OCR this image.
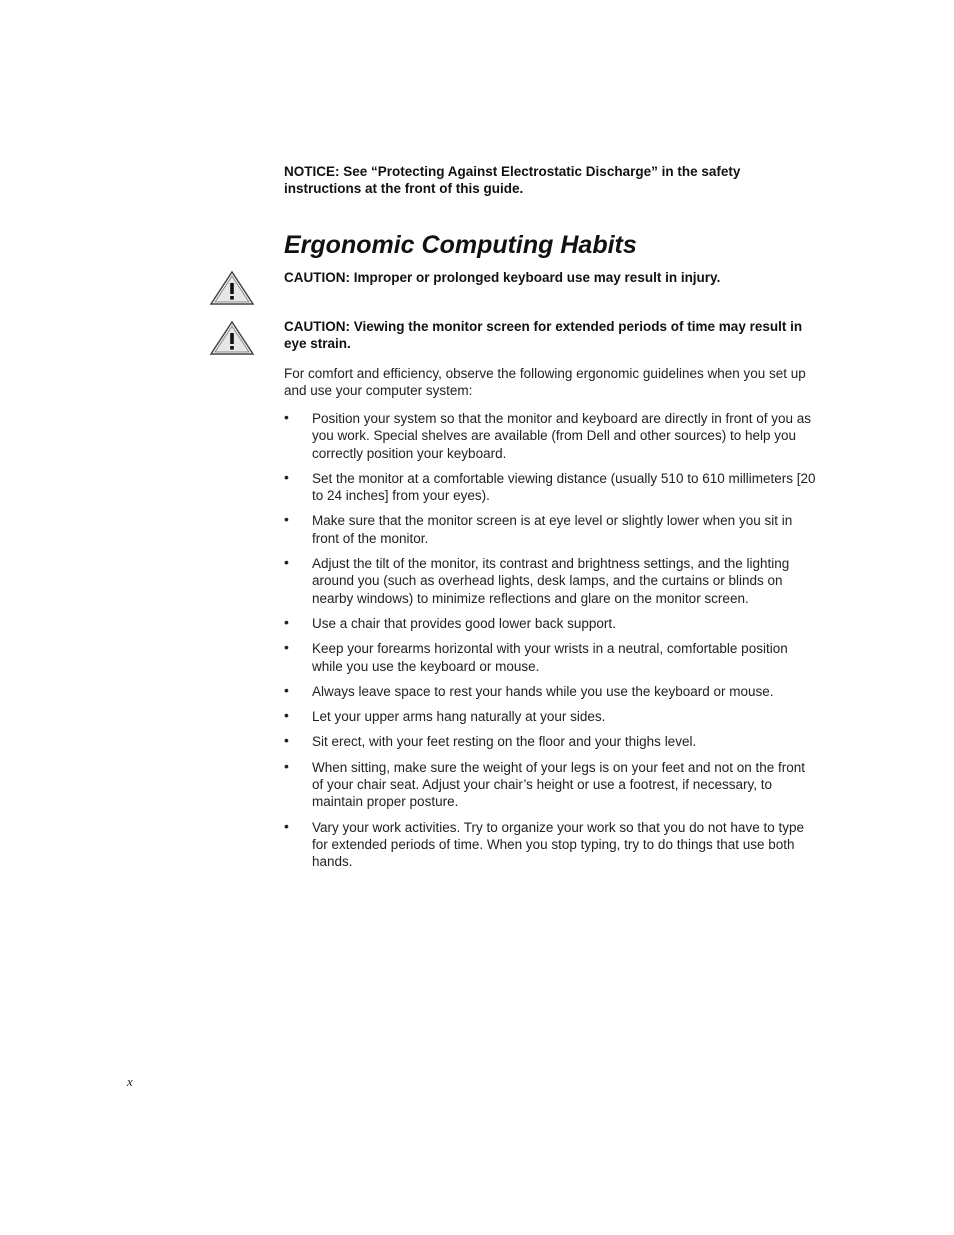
NOTICE: See “Protecting Against Electrostatic Discharge” in the safety instructions at the front of this guide.

Ergonomic Computing Habits

CAUTION: Improper or prolonged keyboard use may result in injury.

CAUTION: Viewing the monitor screen for extended periods of time may result in eye strain.

For comfort and efficiency, observe the following ergonomic guidelines when you set up and use your computer system:

• Position your system so that the monitor and keyboard are directly in front of you as you work. Special shelves are available (from Dell and other sources) to help you correctly position your keyboard.
• Set the monitor at a comfortable viewing distance (usually 510 to 610 millimeters [20 to 24 inches] from your eyes).
• Make sure that the monitor screen is at eye level or slightly lower when you sit in front of the monitor.
• Adjust the tilt of the monitor, its contrast and brightness settings, and the lighting around you (such as overhead lights, desk lamps, and the curtains or blinds on nearby windows) to minimize reflections and glare on the monitor screen.
• Use a chair that provides good lower back support.
• Keep your forearms horizontal with your wrists in a neutral, comfortable position while you use the keyboard or mouse.
• Always leave space to rest your hands while you use the keyboard or mouse.
• Let your upper arms hang naturally at your sides.
• Sit erect, with your feet resting on the floor and your thighs level.
• When sitting, make sure the weight of your legs is on your feet and not on the front of your chair seat. Adjust your chair’s height or use a footrest, if necessary, to maintain proper posture.
• Vary your work activities. Try to organize your work so that you do not have to type for extended periods of time. When you stop typing, try to do things that use both hands.

x
